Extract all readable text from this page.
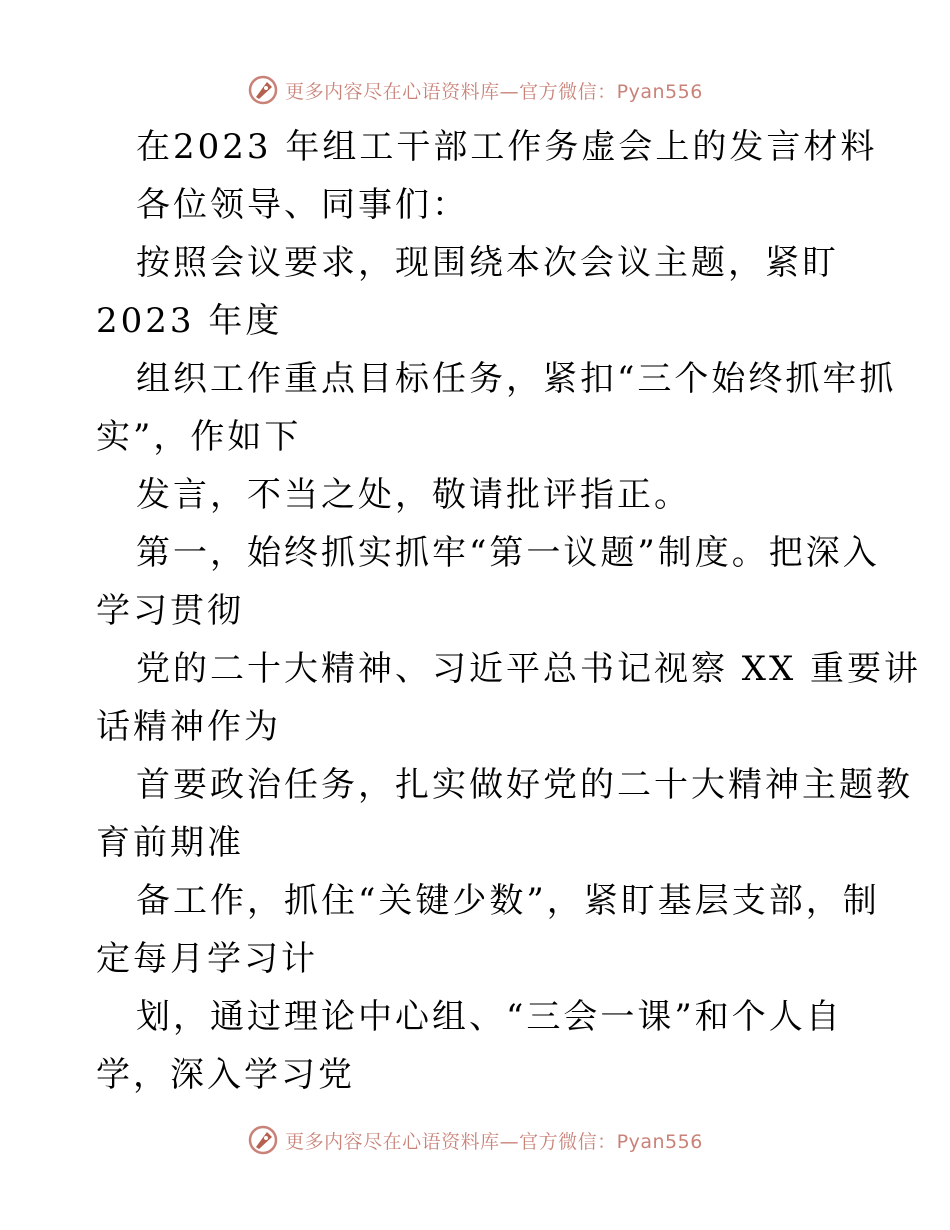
更多内容尽在心语资料库—官方微信：Pyan556
在2023 年组工干部工作务虚会上的发言材料
各位领导、同事们：
按照会议要求，现围绕本次会议主题，紧盯
2023 年度
组织工作重点目标任务，紧扣“三个始终抓牢抓
实”，作如下
发言，不当之处，敬请批评指正。
第一，始终抓实抓牢“第一议题”制度。把深入
学习贯彻
党的二十大精神、习近平总书记视察 XX 重要讲
话精神作为
首要政治任务，扎实做好党的二十大精神主题教
育前期准
备工作，抓住“关键少数”，紧盯基层支部，制
定每月学习计
划，通过理论中心组、“三会一课”和个人自
学，深入学习党
更多内容尽在心语资料库—官方微信：Pyan556
